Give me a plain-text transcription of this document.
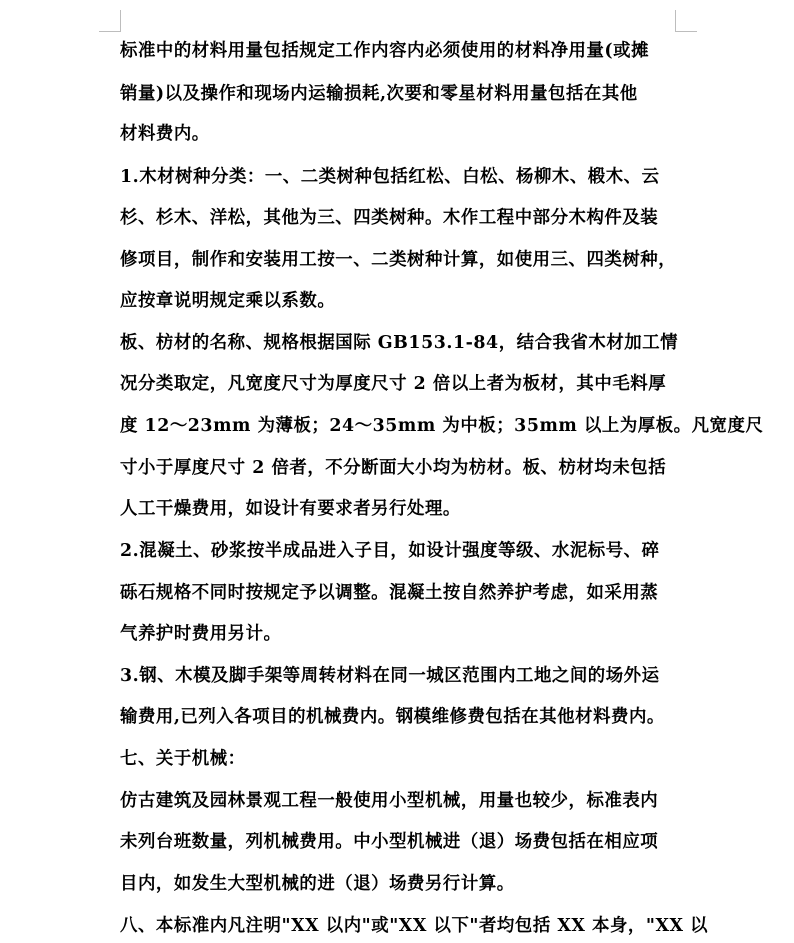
标准中的材料用量包括规定工作内容内必须使用的材料净用量(或摊
销量)以及操作和现场内运输损耗,次要和零星材料用量包括在其他
材料费内。
1.木材树种分类：一、二类树种包括红松、白松、杨柳木、椴木、云
杉、杉木、洋松，其他为三、四类树种。木作工程中部分木构件及装
修项目，制作和安装用工按一、二类树种计算，如使用三、四类树种，
应按章说明规定乘以系数。
板、枋材的名称、规格根据国际 GB153.1-84，结合我省木材加工情
况分类取定，凡宽度尺寸为厚度尺寸 2 倍以上者为板材，其中毛料厚
度 12～23mm 为薄板；24～35mm 为中板；35mm 以上为厚板。凡宽度尺
寸小于厚度尺寸 2 倍者，不分断面大小均为枋材。板、枋材均未包括
人工干燥费用，如设计有要求者另行处理。
2.混凝土、砂浆按半成品进入子目，如设计强度等级、水泥标号、碎
砾石规格不同时按规定予以调整。混凝土按自然养护考虑，如采用蒸
气养护时费用另计。
3.钢、木模及脚手架等周转材料在同一城区范围内工地之间的场外运
输费用,已列入各项目的机械费内。钢模维修费包括在其他材料费内。
七、关于机械：
仿古建筑及园林景观工程一般使用小型机械，用量也较少，标准表内
未列台班数量，列机械费用。中小型机械进（退）场费包括在相应项
目内，如发生大型机械的进（退）场费另行计算。
八、本标准内凡注明"XX 以内"或"XX 以下"者均包括 XX 本身，"XX 以
